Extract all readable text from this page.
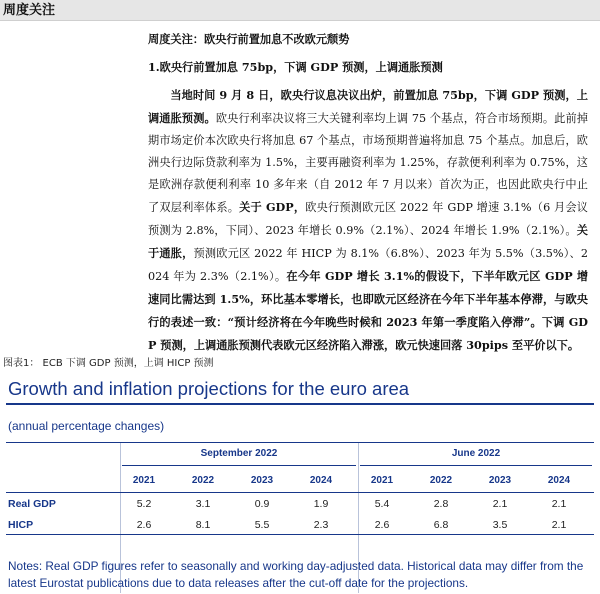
周度关注

周度关注：欧央行前置加息不改欧元颓势

1.欧央行前置加息 75bp，下调 GDP 预测，上调通胀预测

当地时间 9 月 8 日，欧央行议息决议出炉，前置加息 75bp，下调 GDP 预测，上调通胀预测。欧央行利率决议将三大关键利率均上调 75 个基点，符合市场预期。此前掉期市场定价本次欧央行将加息 67 个基点，市场预期普遍将加息 75 个基点。加息后，欧洲央行边际贷款利率为 1.5%，主要再融资利率为 1.25%，存款便利利率为 0.75%，这是欧洲存款便利利率 10 多年来（自 2012 年 7 月以来）首次为正，也因此欧央行中止了双层利率体系。关于 GDP，欧央行预测欧元区 2022 年 GDP 增速 3.1%（6 月会议预测为 2.8%，下同）、2023 年增长 0.9%（2.1%）、2024 年增长 1.9%（2.1%）。关于通胀，预测欧元区 2022 年 HICP 为 8.1%（6.8%）、2023 年为 5.5%（3.5%）、2024 年为 2.3%（2.1%）。在今年 GDP 增长 3.1%的假设下，下半年欧元区 GDP 增速同比需达到 1.5%，环比基本零增长，也即欧元区经济在今年下半年基本停滞，与欧央行的表述一致：“预计经济将在今年晚些时候和 2023 年第一季度陷入停滞”。下调 GDP 预测，上调通胀预测代表欧元区经济陷入滞涨，欧元快速回落 30pips 至平价以下。

图表1： ECB 下调 GDP 预测，上调 HICP 预测
Growth and inflation projections for the euro area
(annual percentage changes)
September 2022	June 2022
2021	2022	2023	2024	2021	2022	2023	2024
Real GDP	5.2	3.1	0.9	1.9	5.4	2.8	2.1	2.1
HICP	2.6	8.1	5.5	2.3	2.6	6.8	3.5	2.1
Notes: Real GDP figures refer to seasonally and working day-adjusted data. Historical data may differ from the latest Eurostat publications due to data releases after the cut-off date for the projections.
